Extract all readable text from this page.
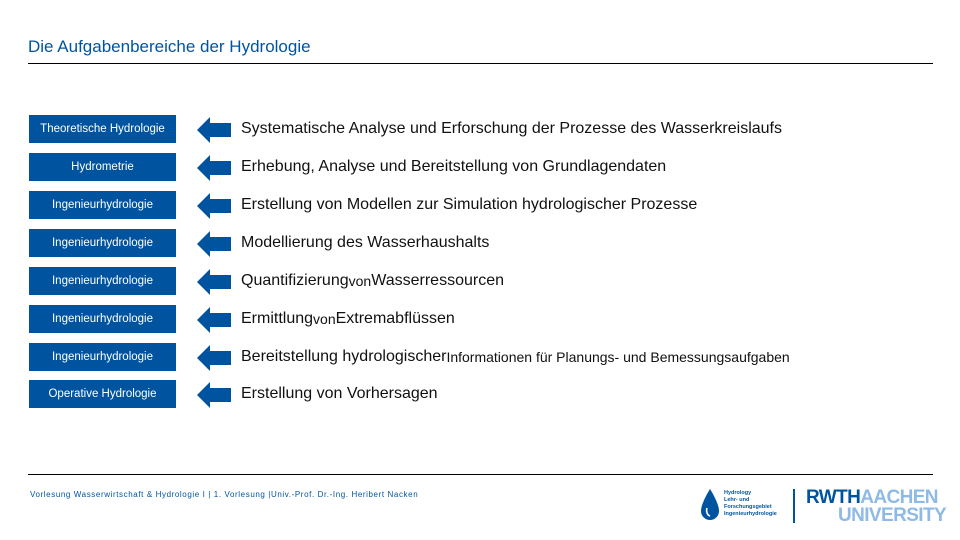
Die Aufgabenbereiche der Hydrologie
Theoretische Hydrologie	Systematische Analyse und Erforschung der Prozesse des Wasserkreislaufs
Hydrometrie	Erhebung, Analyse und Bereitstellung von Grundlagendaten
Ingenieurhydrologie	Erstellung von Modellen zur Simulation hydrologischer Prozesse
Ingenieurhydrologie	Modellierung des Wasserhaushalts
Ingenieurhydrologie	Quantifizierung von Wasserressourcen
Ingenieurhydrologie	Ermittlung von Extremabflüssen
Ingenieurhydrologie	Bereitstellung hydrologischer Informationen für Planungs- und Bemessungsaufgaben
Operative Hydrologie	Erstellung von Vorhersagen
Vorlesung Wasserwirtschaft & Hydrologie I | 1. Vorlesung |Univ.-Prof. Dr.-Ing. Heribert Nacken	Hydrology
Lehr- und
Forschungsgebiet
Ingenieurhydrologie
RWTHAACHEN
UNIVERSITY
